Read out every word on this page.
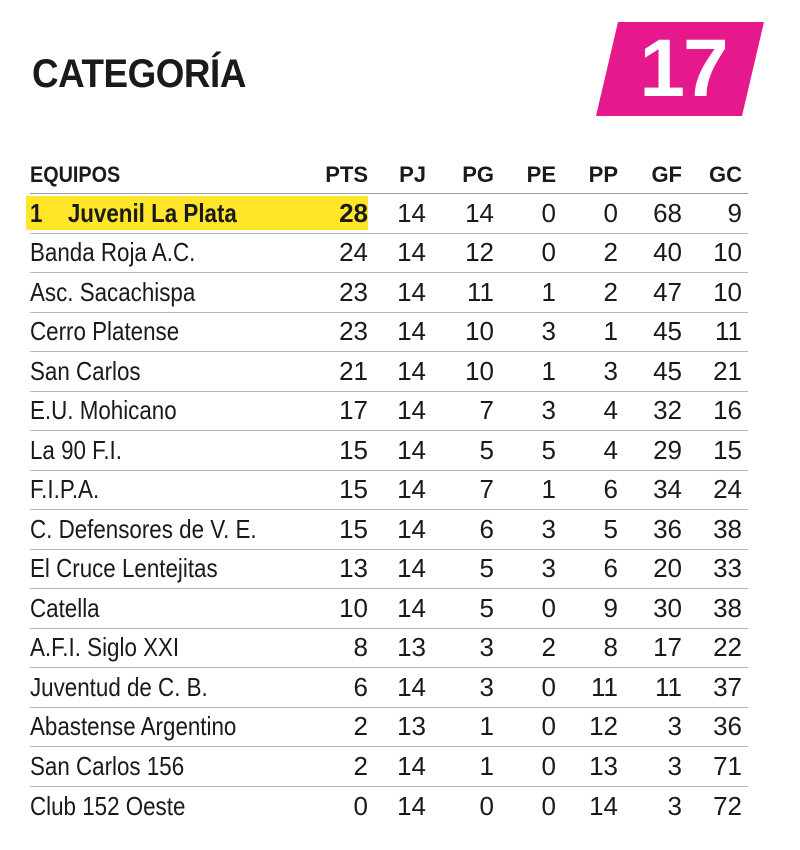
CATEGORÍA	17
EQUIPOS	PTS	PJ	PG	PE	PP	GF	GC
1 Juvenil La Plata	28	14	14	0	0	68	9
Banda Roja A.C.	24	14	12	0	2	40	10
Asc. Sacachispa	23	14	11	1	2	47	10
Cerro Platense	23	14	10	3	1	45	11
San Carlos	21	14	10	1	3	45	21
E.U. Mohicano	17	14	7	3	4	32	16
La 90 F.I.	15	14	5	5	4	29	15
F.I.P.A.	15	14	7	1	6	34	24
C. Defensores de V. E.	15	14	6	3	5	36	38
El Cruce Lentejitas	13	14	5	3	6	20	33
Catella	10	14	5	0	9	30	38
A.F.I. Siglo XXI	8	13	3	2	8	17	22
Juventud de C. B.	6	14	3	0	11	11	37
Abastense Argentino	2	13	1	0	12	3	36
San Carlos 156	2	14	1	0	13	3	71
Club 152 Oeste	0	14	0	0	14	3	72
